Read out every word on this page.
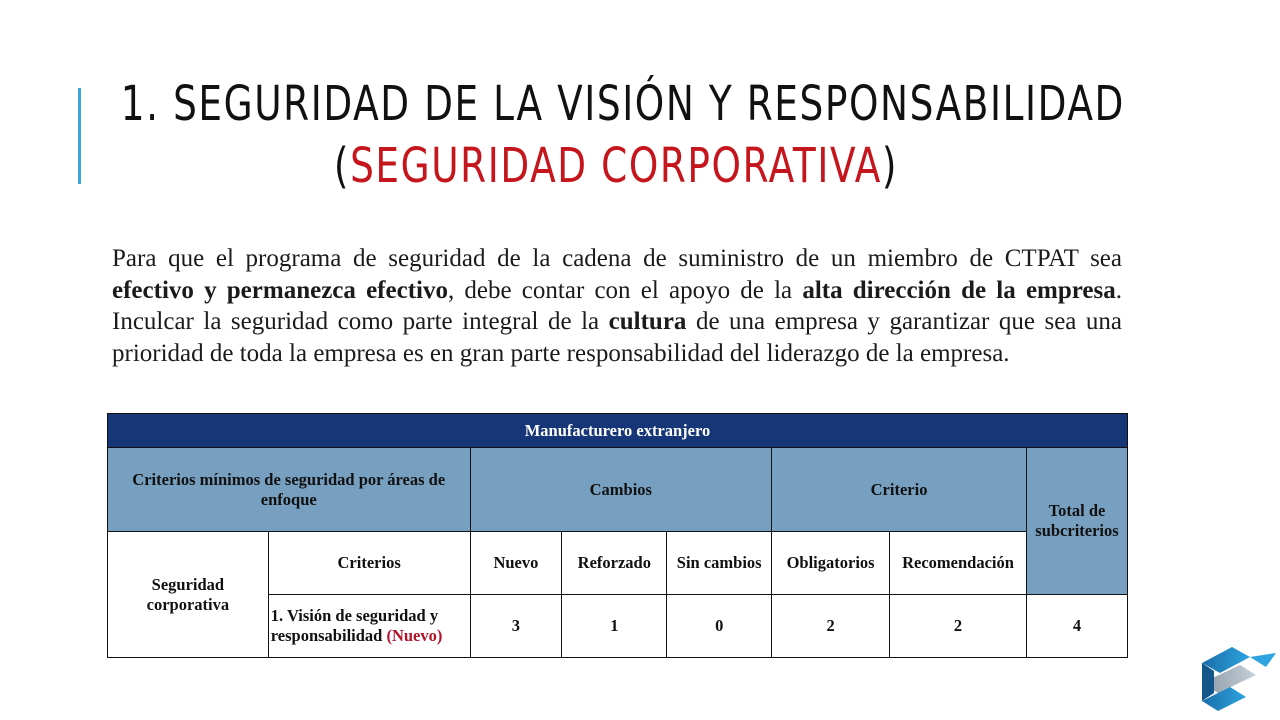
1. SEGURIDAD DE LA VISIÓN Y RESPONSABILIDAD
(SEGURIDAD CORPORATIVA)
Para que el programa de seguridad de la cadena de suministro de un miembro de CTPAT sea efectivo y permanezca efectivo, debe contar con el apoyo de la alta dirección de la empresa. Inculcar la seguridad como parte integral de la cultura de una empresa y garantizar que sea una prioridad de toda la empresa es en gran parte responsabilidad del liderazgo de la empresa.
Manufacturero extranjero							
Criterios mínimos de seguridad por áreas de enfoque		Cambios			Criterio		Total de subcriterios
Seguridad corporativa	Criterios	Nuevo	Reforzado	Sin cambios	Obligatorios	Recomendación	
	1. Visión de seguridad y responsabilidad (Nuevo)	3	1	0	2	2	4
